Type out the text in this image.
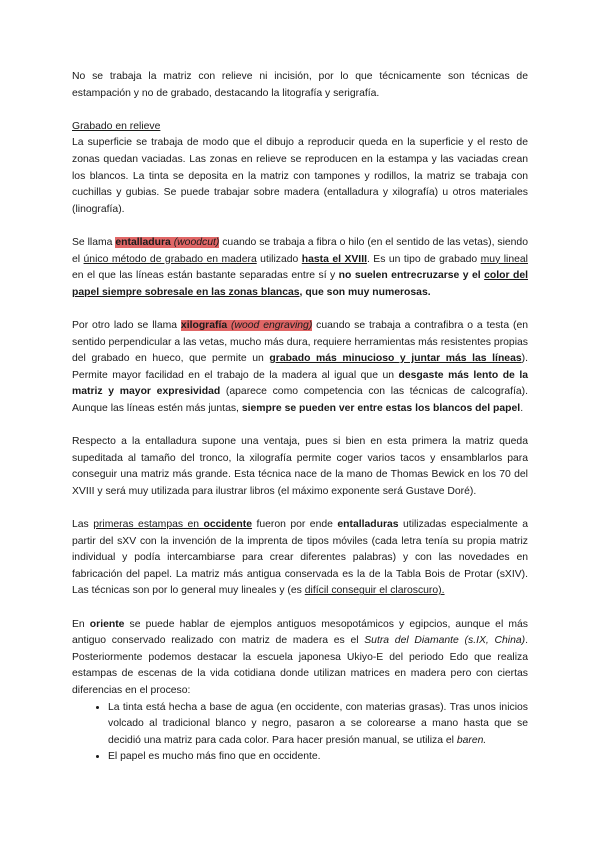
No se trabaja la matriz con relieve ni incisión, por lo que técnicamente son técnicas de estampación y no de grabado, destacando la litografía y serigrafía.

Grabado en relieve

La superficie se trabaja de modo que el dibujo a reproducir queda en la superficie y el resto de zonas quedan vaciadas. Las zonas en relieve se reproducen en la estampa y las vaciadas crean los blancos. La tinta se deposita en la matriz con tampones y rodillos, la matriz se trabaja con cuchillas y gubias. Se puede trabajar sobre madera (entalladura y xilografía) u otros materiales (linografía).

Se llama entalladura (woodcut) cuando se trabaja a fibra o hilo (en el sentido de las vetas), siendo el único método de grabado en madera utilizado hasta el XVIII. Es un tipo de grabado muy lineal en el que las líneas están bastante separadas entre sí y no suelen entrecruzarse y el color del papel siempre sobresale en las zonas blancas, que son muy numerosas.

Por otro lado se llama xilografía (wood engraving) cuando se trabaja a contrafibra o a testa (en sentido perpendicular a las vetas, mucho más dura, requiere herramientas más resistentes propias del grabado en hueco, que permite un grabado más minucioso y juntar más las líneas). Permite mayor facilidad en el trabajo de la madera al igual que un desgaste más lento de la matriz y mayor expresividad (aparece como competencia con las técnicas de calcografía). Aunque las líneas estén más juntas, siempre se pueden ver entre estas los blancos del papel.

Respecto a la entalladura supone una ventaja, pues si bien en esta primera la matriz queda supeditada al tamaño del tronco, la xilografía permite coger varios tacos y ensamblarlos para conseguir una matriz más grande. Esta técnica nace de la mano de Thomas Bewick en los 70 del XVIII y será muy utilizada para ilustrar libros (el máximo exponente será Gustave Doré).

Las primeras estampas en occidente fueron por ende entalladuras utilizadas especialmente a partir del sXV con la invención de la imprenta de tipos móviles (cada letra tenía su propia matriz individual y podía intercambiarse para crear diferentes palabras) y con las novedades en fabricación del papel. La matriz más antigua conservada es la de la Tabla Bois de Protar (sXIV). Las técnicas son por lo general muy lineales y (es difícil conseguir el claroscuro).

En oriente se puede hablar de ejemplos antiguos mesopotámicos y egipcios, aunque el más antiguo conservado realizado con matriz de madera es el Sutra del Diamante (s.IX, China). Posteriormente podemos destacar la escuela japonesa Ukiyo-E del periodo Edo que realiza estampas de escenas de la vida cotidiana donde utilizan matrices en madera pero con ciertas diferencias en el proceso:

• La tinta está hecha a base de agua (en occidente, con materias grasas). Tras unos inicios volcado al tradicional blanco y negro, pasaron a se colorearse a mano hasta que se decidió una matriz para cada color. Para hacer presión manual, se utiliza el baren.
• El papel es mucho más fino que en occidente.
